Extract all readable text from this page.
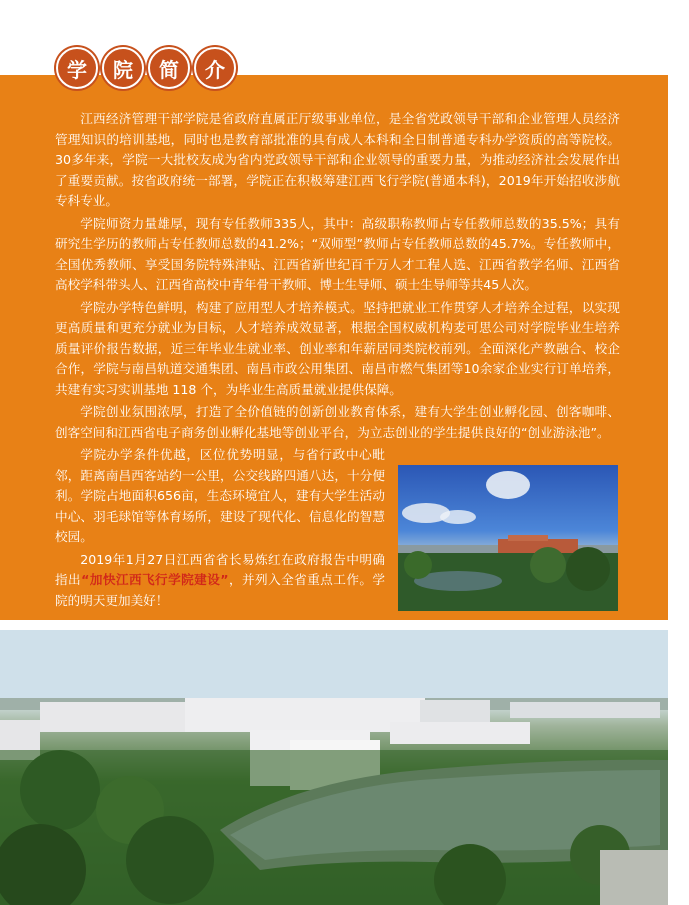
学	院	简	介

江西经济管理干部学院是省政府直属正厅级事业单位，是全省党政领导干部和企业管理人员经济管理知识的培训基地，同时也是教育部批准的具有成人本科和全日制普通专科办学资质的高等院校。30多年来，学院一大批校友成为省内党政领导干部和企业领导的重要力量，为推动经济社会发展作出了重要贡献。按省政府统一部署，学院正在积极筹建江西飞行学院(普通本科)，2019年开始招收涉航专科专业。

学院师资力量雄厚，现有专任教师335人，其中：高级职称教师占专任教师总数的35.5%；具有研究生学历的教师占专任教师总数的41.2%；“双师型”教师占专任教师总数的45.7%。专任教师中，全国优秀教师、享受国务院特殊津贴、江西省新世纪百千万人才工程人选、江西省教学名师、江西省高校学科带头人、江西省高校中青年骨干教师、博士生导师、硕士生导师等共45人次。

学院办学特色鲜明，构建了应用型人才培养模式。坚持把就业工作贯穿人才培养全过程，以实现更高质量和更充分就业为目标，人才培养成效显著，根据全国权威机构麦可思公司对学院毕业生培养质量评价报告数据，近三年毕业生就业率、创业率和年薪居同类院校前列。全面深化产教融合、校企合作，学院与南昌轨道交通集团、南昌市政公用集团、南昌市燃气集团等10余家企业实行订单培养，共建有实习实训基地 118 个，为毕业生高质量就业提供保障。

学院创业氛围浓厚，打造了全价值链的创新创业教育体系，建有大学生创业孵化园、创客咖啡、创客空间和江西省电子商务创业孵化基地等创业平台，为立志创业的学生提供良好的“创业游泳池”。

学院办学条件优越，区位优势明显，与省行政中心毗邻，距离南昌西客站约一公里，公交线路四通八达，十分便利。学院占地面积656亩，生态环境宜人，建有大学生活动中心、羽毛球馆等体育场所，建设了现代化、信息化的智慧校园。

2019年1月27日江西省省长易炼红在政府报告中明确指出“加快江西飞行学院建设”，并列入全省重点工作。学院的明天更加美好！
